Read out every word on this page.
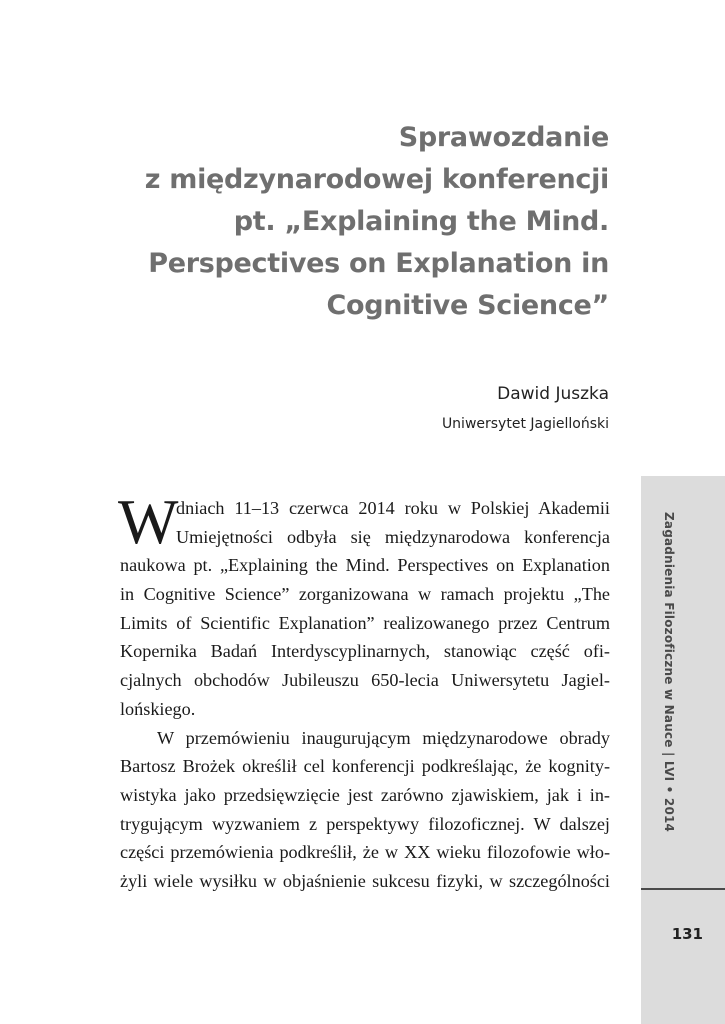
Sprawozdanie
z międzynarodowej konferencji
pt. „Explaining the Mind.
Perspectives on Explanation in
Cognitive Science”
Dawid Juszka
Uniwersytet Jagielloński
W
dniach 11–13 czerwca 2014 roku w Polskiej Akademii
Umiejętności odbyła się międzynarodowa konferencja
naukowa pt. „Explaining the Mind. Perspectives on Explanation
in Cognitive Science” zorganizowana w ramach projektu „The
Limits of Scientific Explanation” realizowanego przez Centrum
Kopernika Badań Interdyscyplinarnych, stanowiąc część ofi-
cjalnych obchodów Jubileuszu 650-lecia Uniwersytetu Jagiel-
lońskiego.
W przemówieniu inaugurującym międzynarodowe obrady
Bartosz Brożek określił cel konferencji podkreślając, że kognity-
wistyka jako przedsięwzięcie jest zarówno zjawiskiem, jak i in-
trygującym wyzwaniem z perspektywy filozoficznej. W dalszej
części przemówienia podkreślił, że w XX wieku filozofowie wło-
żyli wiele wysiłku w objaśnienie sukcesu fizyki, w szczególności
Zagadnienia Filozoficzne w Nauce | LVI • 2014
131
